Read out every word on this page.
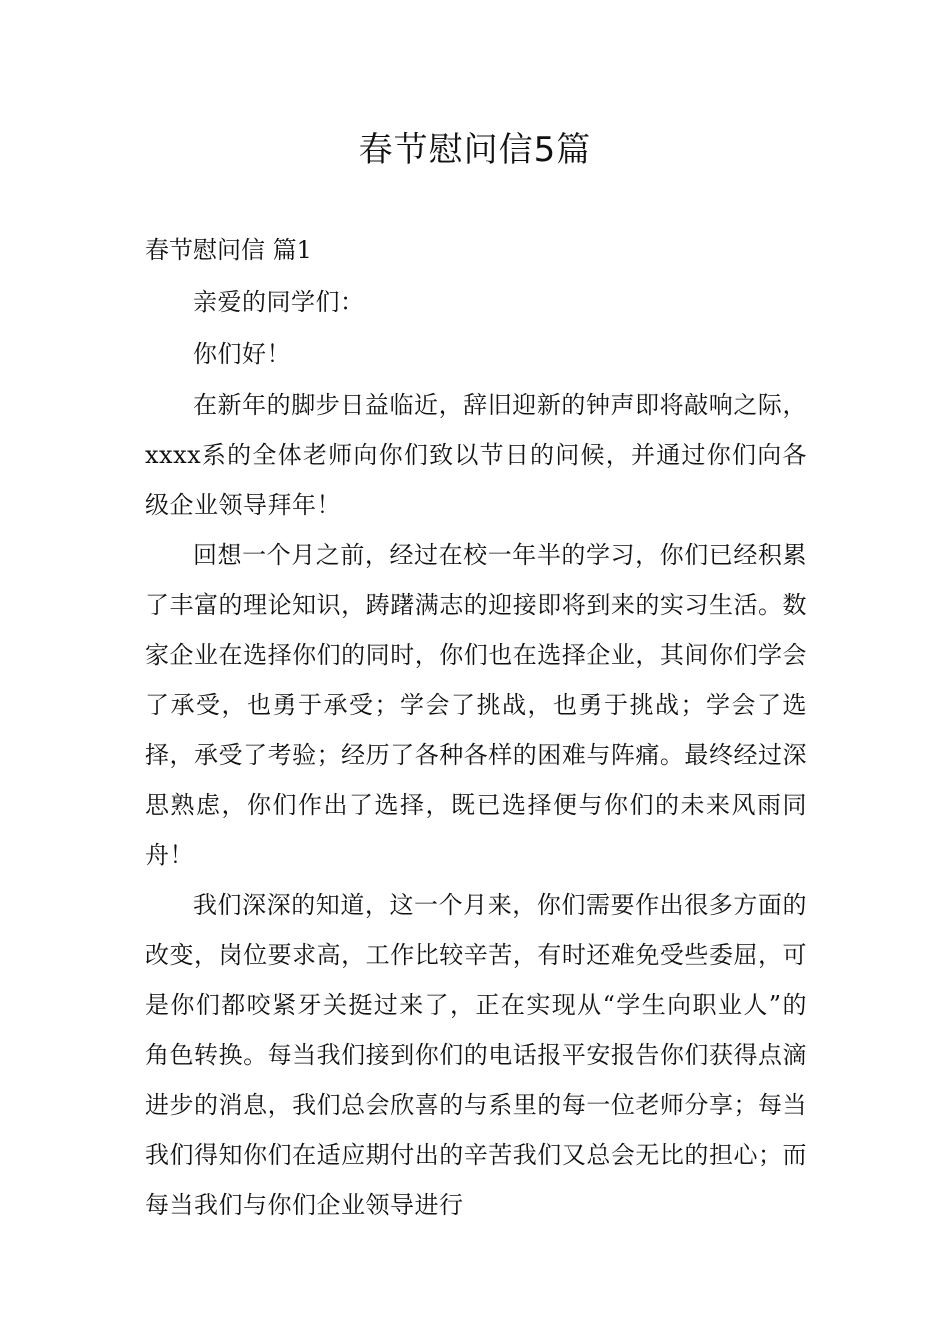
春节慰问信5篇
春节慰问信 篇1

亲爱的同学们：

你们好！

在新年的脚步日益临近，辞旧迎新的钟声即将敲响之际，xxxx系的全体老师向你们致以节日的问候，并通过你们向各级企业领导拜年！

回想一个月之前，经过在校一年半的学习，你们已经积累了丰富的理论知识，踌躇满志的迎接即将到来的实习生活。数家企业在选择你们的同时，你们也在选择企业，其间你们学会了承受，也勇于承受；学会了挑战，也勇于挑战；学会了选择，承受了考验；经历了各种各样的困难与阵痛。最终经过深思熟虑，你们作出了选择，既已选择便与你们的未来风雨同舟！

我们深深的知道，这一个月来，你们需要作出很多方面的改变，岗位要求高，工作比较辛苦，有时还难免受些委屈，可是你们都咬紧牙关挺过来了，正在实现从“学生向职业人”的角色转换。每当我们接到你们的电话报平安报告你们获得点滴进步的消息，我们总会欣喜的与系里的每一位老师分享；每当我们得知你们在适应期付出的辛苦我们又总会无比的担心；而每当我们与你们企业领导进行
